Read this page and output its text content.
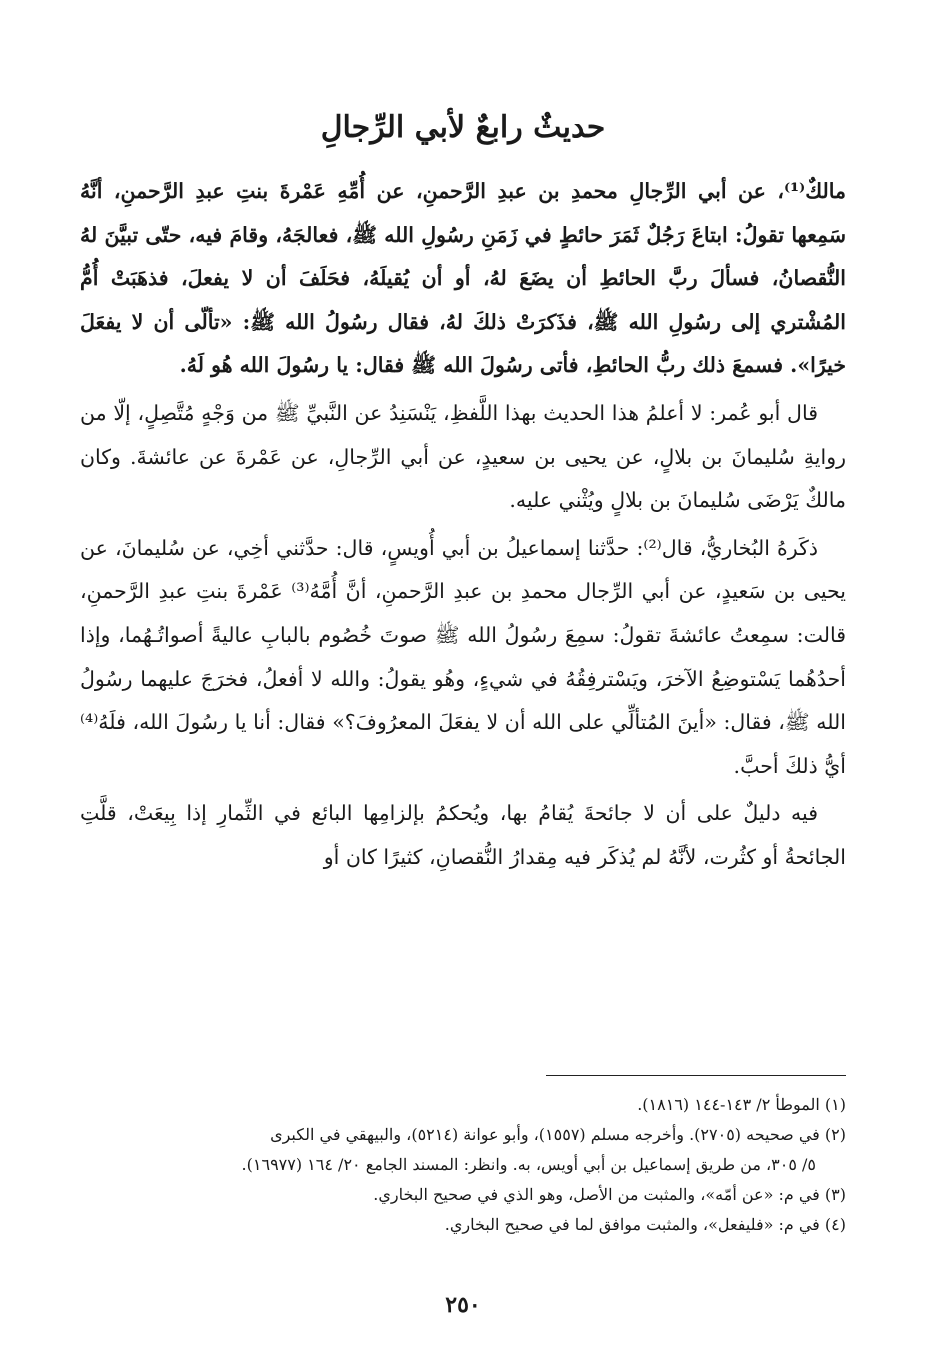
حديثٌ رابعٌ لأبي الرِّجالِ

مالكٌ⁽¹⁾، عن أبي الرِّجالِ محمدِ بن عبدِ الرَّحمنِ، عن أُمِّهِ عَمْرةَ بنتِ عبدِ الرَّحمنِ، أنَّهُ سَمِعها تقولُ: ابتاعَ رَجُلٌ ثَمَرَ حائطٍ في زَمَنِ رسُولِ الله ﷺ، فعالجَهُ، وقامَ فيه، حتّى تبيَّنَ لهُ النُّقصانُ، فسألَ ربَّ الحائطِ أن يضَعَ لهُ، أو أن يُقيلَهُ، فحَلَفَ أن لا يفعلَ، فذهَبَتْ أُمُّ المُشْتري إلى رسُولِ الله ﷺ، فذَكرَتْ ذلكَ لهُ، فقال رسُولُ الله ﷺ: «تألّى أن لا يفعَلَ خيرًا». فسمعَ ذلك ربُّ الحائطِ، فأتى رسُولَ الله ﷺ فقال: يا رسُولَ الله هُو لَهُ.

قال أبو عُمر: لا أعلمُ هذا الحديث بهذا اللَّفظِ، يَنْسَنِدُ عن النَّبيِّ ﷺ من وَجْهٍ مُتَّصِلٍ، إلّا من روايةِ سُليمانَ بن بلالٍ، عن يحيى بن سعيدٍ، عن أبي الرِّجالِ، عن عَمْرةَ عن عائشةَ. وكان مالكٌ يَرْضَى سُليمانَ بن بلالٍ ويُثْني عليه.

ذكَرهُ البُخاريُّ، قال⁽²⁾: حدَّثنا إسماعيلُ بن أبي أُويسٍ، قال: حدَّثني أخِي، عن سُليمانَ، عن يحيى بن سَعيدٍ، عن أبي الرِّجال محمدِ بن عبدِ الرَّحمنِ، أنَّ أُمَّهُ⁽³⁾ عَمْرةَ بنتِ عبدِ الرَّحمنِ، قالت: سمِعتُ عائشةَ تقولُ: سمِعَ رسُولُ الله ﷺ صوتَ خُصُوم بالبابِ عاليةً أصواتُـهُما، وإذا أحدُهُما يَسْتوضِعُ الآخرَ، ويَسْترفِقُهُ في شيءٍ، وهُو يقولُ: والله لا أفعلُ، فخرَجَ عليهما رسُولُ الله ﷺ، فقال: «أينَ المُتألِّي على الله أن لا يفعَلَ المعرُوفَ؟» فقال: أنا يا رسُولَ الله، فلَهُ⁽⁴⁾ أيُّ ذلكَ أحبَّ.

فيه دليلٌ على أن لا جائحةَ يُقامُ بها، ويُحكمُ بإلزامِها البائع في الثِّمارِ إذا بِيعَتْ، قلَّتِ الجائحةُ أو كثُرت، لأنَّهُ لم يُذكَر فيه مِقدارُ النُّقصانِ، كثيرًا كان أو

(١) الموطأ ٢/ ١٤٣-١٤٤ (١٨١٦).

(٢) في صحيحه (٢٧٠٥). وأخرجه مسلم (١٥٥٧)، وأبو عوانة (٥٢١٤)، والبيهقي في الكبرى
٥/ ٣٠٥، من طريق إسماعيل بن أبي أويس، به. وانظر: المسند الجامع ٢٠/ ١٦٤ (١٦٩٧٧).

(٣) في م: «عن أمّه»، والمثبت من الأصل، وهو الذي في صحيح البخاري.

(٤) في م: «فليفعل»، والمثبت موافق لما في صحيح البخاري.

٢٥٠
